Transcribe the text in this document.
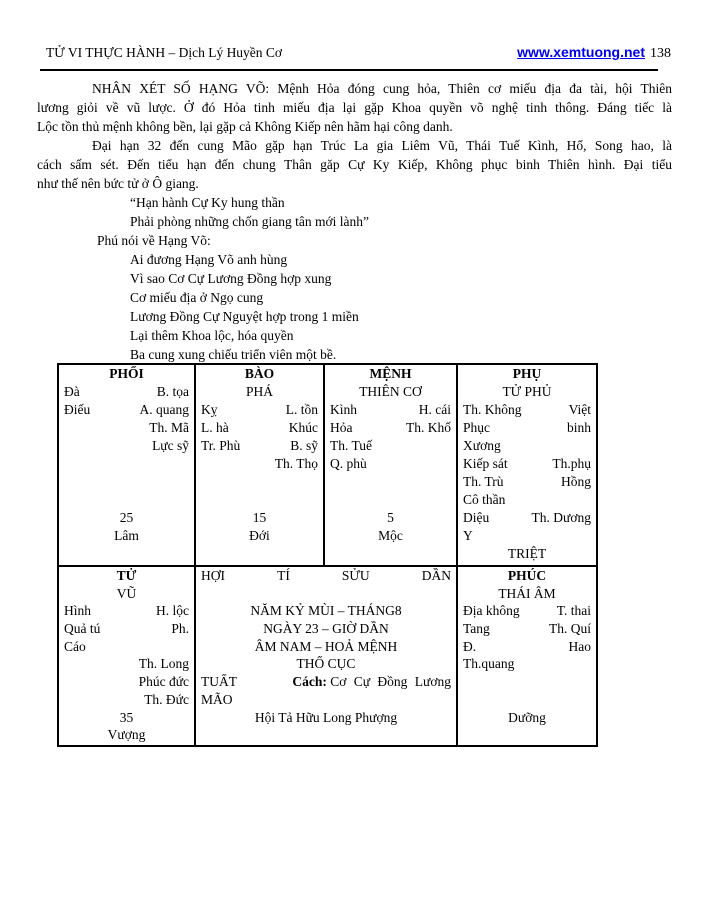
TỬ VI THỰC HÀNH – Dịch Lý Huyền Cơ	www.xemtuong.net 138
NHÂN XÉT SỐ HẠNG VÕ: Mệnh Hỏa đóng cung hỏa, Thiên cơ miếu địa đa tài, hội Thiên
lương giỏi về vũ lược. Ở đó Hỏa tinh miếu địa lại gặp Khoa quyền võ nghệ tinh thông. Đáng tiếc là
Lộc tồn thủ mệnh không bền, lại gặp cả Không Kiếp nên hãm hại công danh.
Đại hạn 32 đến cung Mão gặp hạn Trúc La gia Liêm Vũ, Thái Tuế Kình, Hổ, Song hao, là
cách sấm sét. Đến tiểu hạn đến chung Thân găp Cự Ky Kiếp, Không phục binh Thiên hình. Đại tiểu
như thế nên bức tử ở Ô giang.
“Hạn hành Cự Ky hung thần
Phải phòng những chốn giang tân mới lành”
Phú nói về Hạng Võ:
Ai đương Hạng Võ anh hùng
Vì sao Cơ Cự Lương Đồng hợp xung
Cơ miếu địa ở Ngọ cung
Lương Đồng Cự Nguyệt hợp trong 1 miền
Lại thêm Khoa lộc, hóa quyền
Ba cung xung chiếu triển viên một bề.
PHỐI
Đà	B. tọa
Điếu	A. quang
Th. Mã
Lực sỹ
25
Lâm
BÀO
PHÁ
Kỵ	L. tồn
L. hà	Khúc
Tr. Phù	B. sỹ
Th. Thọ
15
Đới
MỆNH
THIÊN CƠ
Kình	H. cái
Hỏa	Th. Khố
Th. Tuế
Q. phù
5
Mộc
PHỤ
TỬ PHỦ
Th. Không	Việt
Phục	binh
Xương
Kiếp sát	Th.phụ
Th. Trù	Hồng
Cô thần
Diệu	Th. Dương
Y
TRIỆT
TỬ
VŨ
Hình	H. lộc
Quả tú	Ph.
Cáo
Th. Long
Phúc đức
Th. Đức
35
Vượng
HỢI	TÍ	SỬU	DẦN
NĂM KỶ MÙI – THÁNG8
NGÀY 23 – GIỜ DẦN
ÂM NAM – HOẢ MỆNH
THỔ CỤC
TUẤT	Cách: Cơ Cự Đồng Lương
MÃO
Hội Tả Hữu Long Phượng
PHÚC
THÁI ÂM
Địa không	T. thai
Tang	Th. Quí
Đ.	Hao
Th.quang
Dưỡng
